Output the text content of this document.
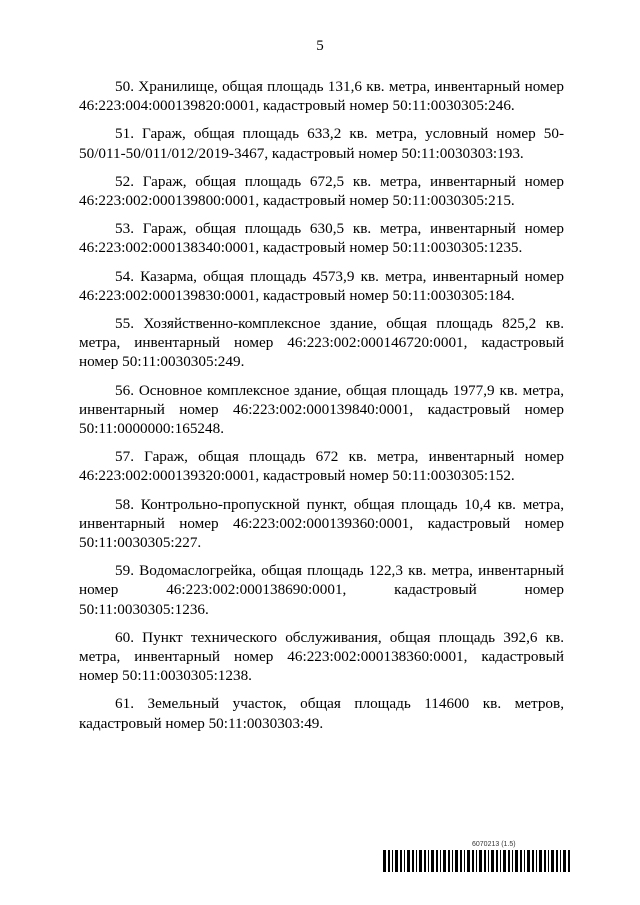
5

50. Хранилище, общая площадь 131,6 кв. метра, инвентарный номер 46:223:004:000139820:0001, кадастровый номер 50:11:0030305:246.

51. Гараж, общая площадь 633,2 кв. метра, условный номер 50-50/011-50/011/012/2019-3467, кадастровый номер 50:11:0030303:193.

52. Гараж, общая площадь 672,5 кв. метра, инвентарный номер 46:223:002:000139800:0001, кадастровый номер 50:11:0030305:215.

53. Гараж, общая площадь 630,5 кв. метра, инвентарный номер 46:223:002:000138340:0001, кадастровый номер 50:11:0030305:1235.

54. Казарма, общая площадь 4573,9 кв. метра, инвентарный номер 46:223:002:000139830:0001, кадастровый номер 50:11:0030305:184.

55. Хозяйственно-комплексное здание, общая площадь 825,2 кв. метра, инвентарный номер 46:223:002:000146720:0001, кадастровый номер 50:11:0030305:249.

56. Основное комплексное здание, общая площадь 1977,9 кв. метра, инвентарный номер 46:223:002:000139840:0001, кадастровый номер 50:11:0000000:165248.

57. Гараж, общая площадь 672 кв. метра, инвентарный номер 46:223:002:000139320:0001, кадастровый номер 50:11:0030305:152.

58. Контрольно-пропускной пункт, общая площадь 10,4 кв. метра, инвентарный номер 46:223:002:000139360:0001, кадастровый номер 50:11:0030305:227.

59. Водомаслогрейка, общая площадь 122,3 кв. метра, инвентарный номер 46:223:002:000138690:0001, кадастровый номер 50:11:0030305:1236.

60. Пункт технического обслуживания, общая площадь 392,6 кв. метра, инвентарный номер 46:223:002:000138360:0001, кадастровый номер 50:11:0030305:1238.

61. Земельный участок, общая площадь 114600 кв. метров, кадастровый номер 50:11:0030303:49.

6070213 (1.5)
